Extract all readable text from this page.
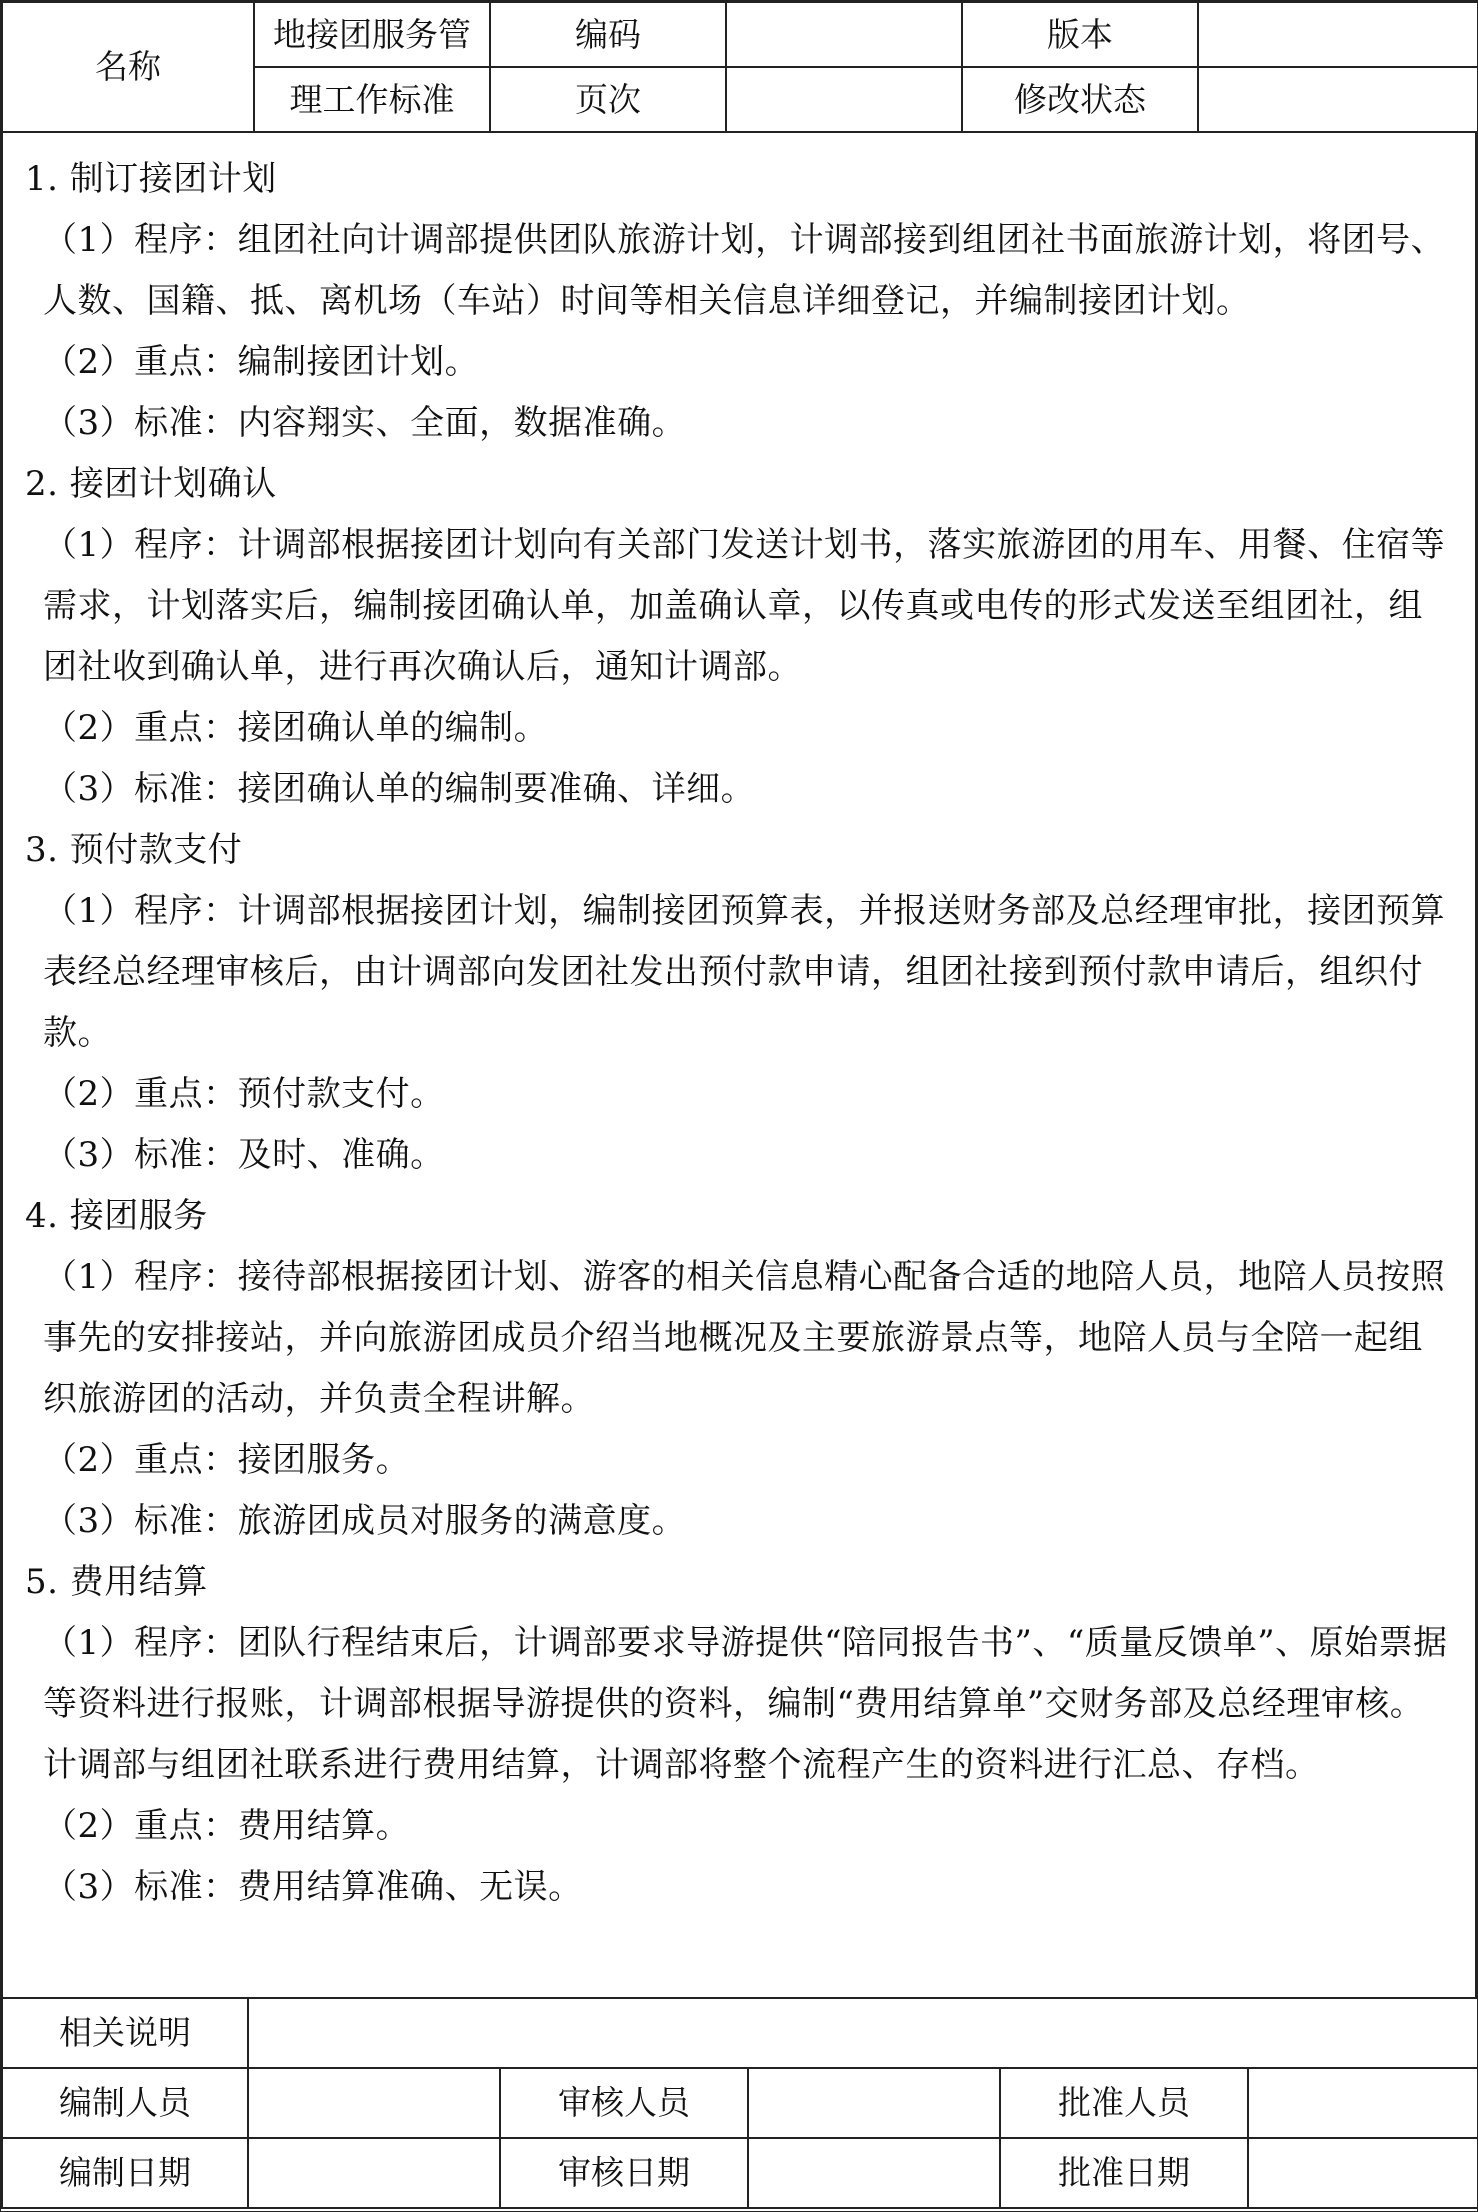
名称	地接团服务管	编码		版本	
	理工作标准	页次		修改状态	

1. 制订接团计划

（1）程序：组团社向计调部提供团队旅游计划，计调部接到组团社书面旅游计划，将团号、人数、国籍、抵、离机场（车站）时间等相关信息详细登记，并编制接团计划。

（2）重点：编制接团计划。

（3）标准：内容翔实、全面，数据准确。

2. 接团计划确认

（1）程序：计调部根据接团计划向有关部门发送计划书，落实旅游团的用车、用餐、住宿等需求，计划落实后，编制接团确认单，加盖确认章，以传真或电传的形式发送至组团社，组团社收到确认单，进行再次确认后，通知计调部。

（2）重点：接团确认单的编制。

（3）标准：接团确认单的编制要准确、详细。

3. 预付款支付

（1）程序：计调部根据接团计划，编制接团预算表，并报送财务部及总经理审批，接团预算表经总经理审核后，由计调部向发团社发出预付款申请，组团社接到预付款申请后，组织付款。

（2）重点：预付款支付。

（3）标准：及时、准确。

4. 接团服务

（1）程序：接待部根据接团计划、游客的相关信息精心配备合适的地陪人员，地陪人员按照事先的安排接站，并向旅游团成员介绍当地概况及主要旅游景点等，地陪人员与全陪一起组织旅游团的活动，并负责全程讲解。

（2）重点：接团服务。

（3）标准：旅游团成员对服务的满意度。

5. 费用结算

（1）程序：团队行程结束后，计调部要求导游提供“陪同报告书”、“质量反馈单”、原始票据等资料进行报账，计调部根据导游提供的资料，编制“费用结算单”交财务部及总经理审核。计调部与组团社联系进行费用结算，计调部将整个流程产生的资料进行汇总、存档。

（2）重点：费用结算。

（3）标准：费用结算准确、无误。

相关说明					
编制人员		审核人员		批准人员	
编制日期		审核日期		批准日期	
